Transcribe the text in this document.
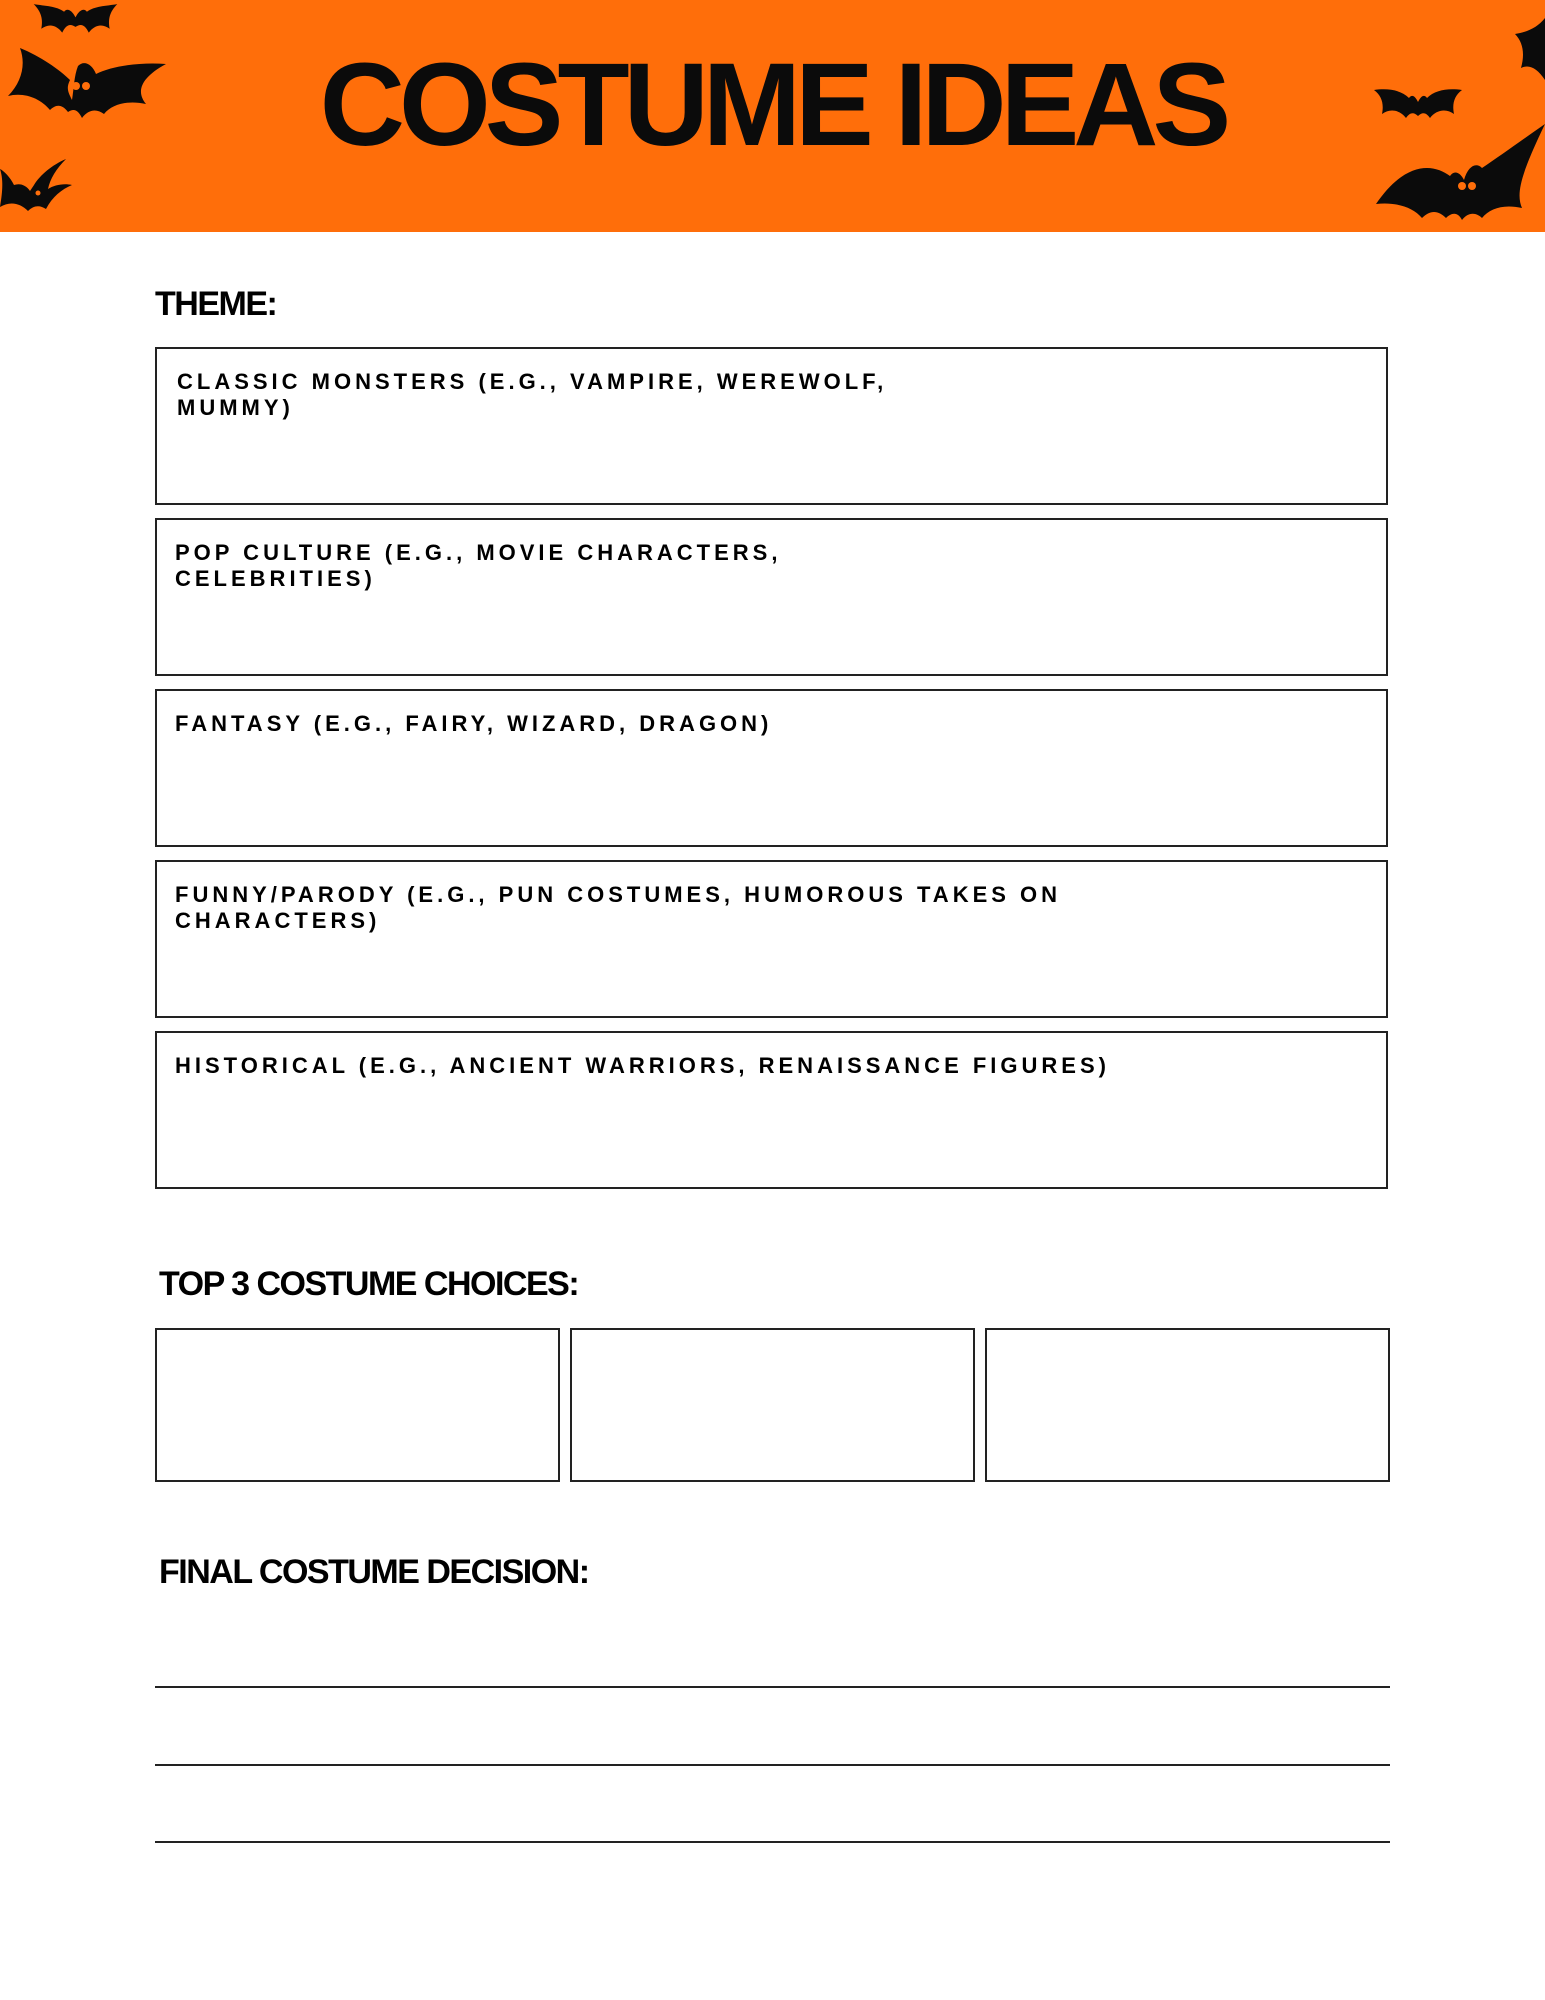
COSTUME IDEAS
THEME:
CLASSIC MONSTERS (E.G., VAMPIRE, WEREWOLF, MUMMY)
POP CULTURE (E.G., MOVIE CHARACTERS, CELEBRITIES)
FANTASY (E.G., FAIRY, WIZARD, DRAGON)
FUNNY/PARODY (E.G., PUN COSTUMES, HUMOROUS TAKES ON CHARACTERS)
HISTORICAL (E.G., ANCIENT WARRIORS, RENAISSANCE FIGURES)
TOP 3 COSTUME CHOICES:
FINAL COSTUME DECISION:
